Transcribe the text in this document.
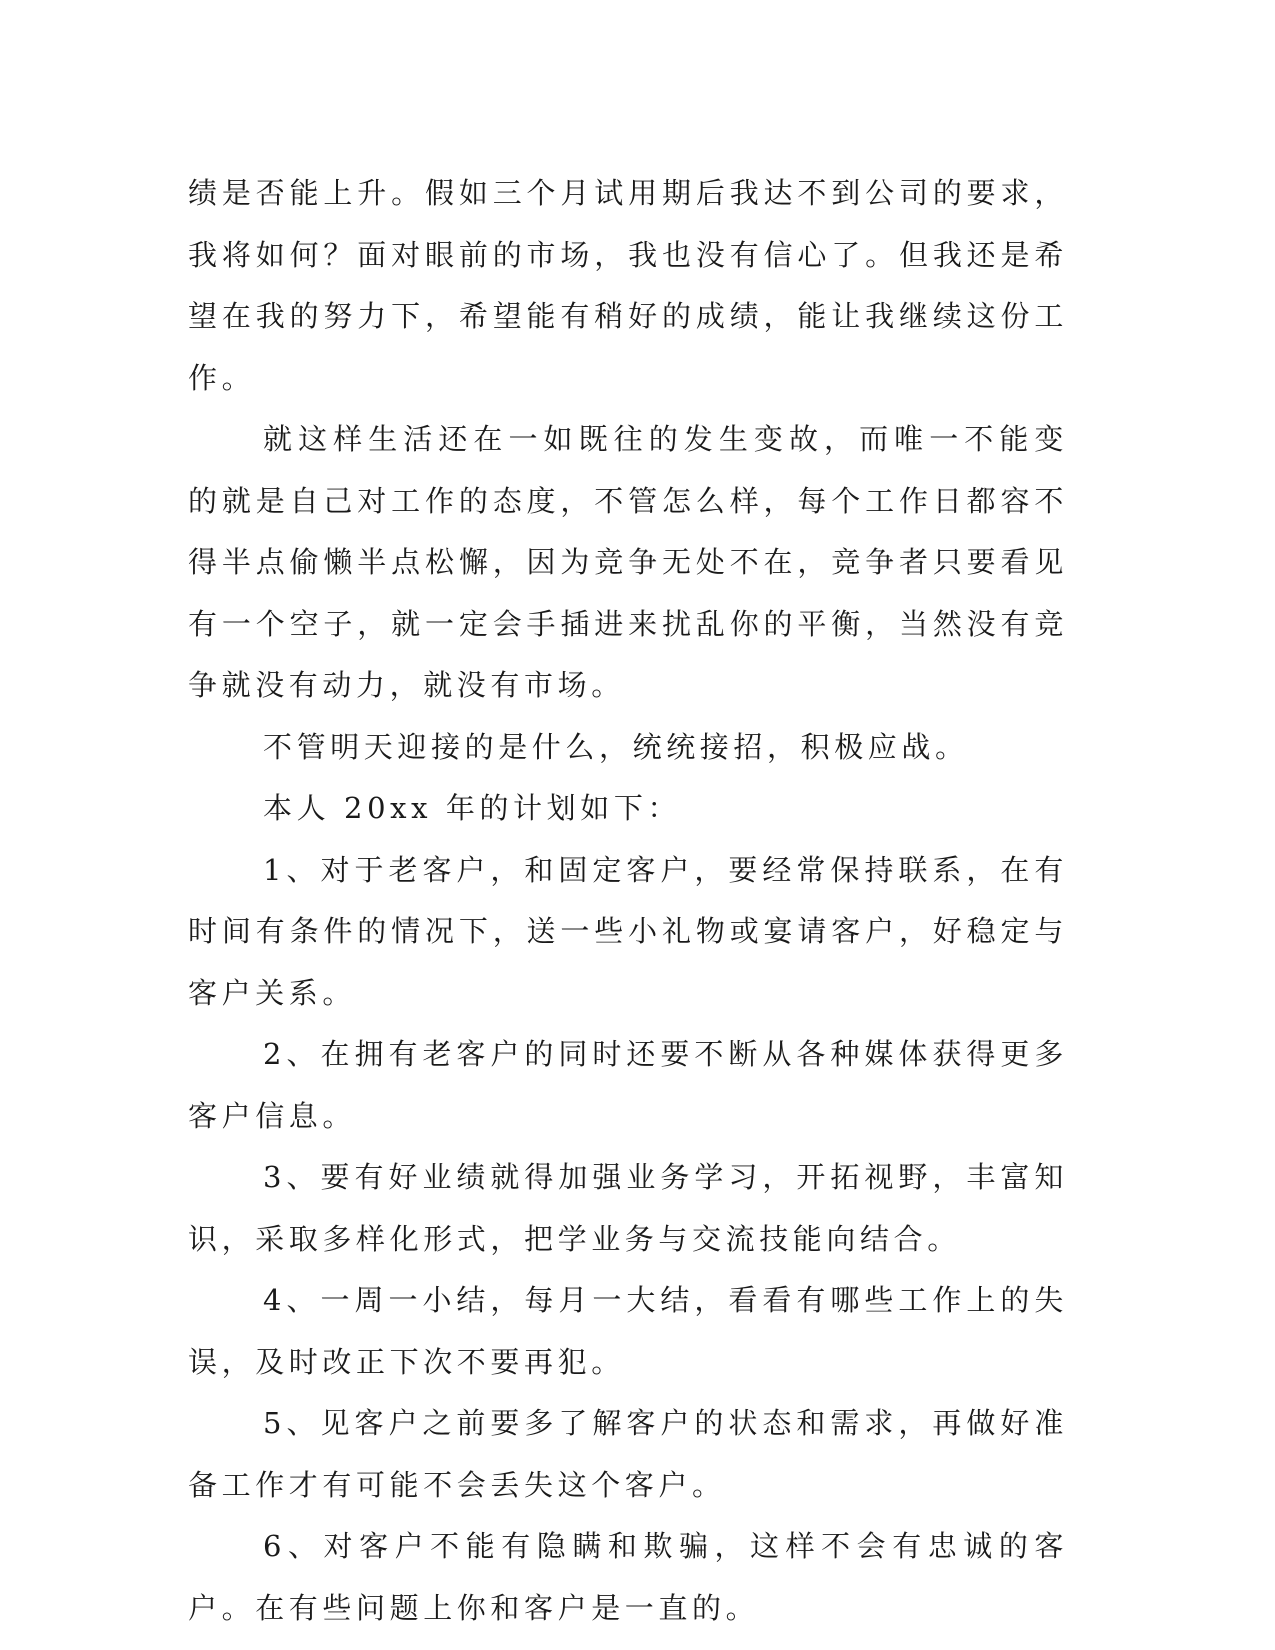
绩是否能上升。假如三个月试用期后我达不到公司的要求，我将如何？面对眼前的市场，我也没有信心了。但我还是希望在我的努力下，希望能有稍好的成绩，能让我继续这份工作。

就这样生活还在一如既往的发生变故，而唯一不能变的就是自己对工作的态度，不管怎么样，每个工作日都容不得半点偷懒半点松懈，因为竞争无处不在，竞争者只要看见有一个空子，就一定会手插进来扰乱你的平衡，当然没有竞争就没有动力，就没有市场。

不管明天迎接的是什么，统统接招，积极应战。

本人 20xx 年的计划如下：

1、对于老客户，和固定客户，要经常保持联系，在有时间有条件的情况下，送一些小礼物或宴请客户，好稳定与客户关系。

2、在拥有老客户的同时还要不断从各种媒体获得更多客户信息。

3、要有好业绩就得加强业务学习，开拓视野，丰富知识，采取多样化形式，把学业务与交流技能向结合。

4、一周一小结，每月一大结，看看有哪些工作上的失误，及时改正下次不要再犯。

5、见客户之前要多了解客户的状态和需求，再做好准备工作才有可能不会丢失这个客户。

6、对客户不能有隐瞒和欺骗，这样不会有忠诚的客户。在有些问题上你和客户是一直的。
